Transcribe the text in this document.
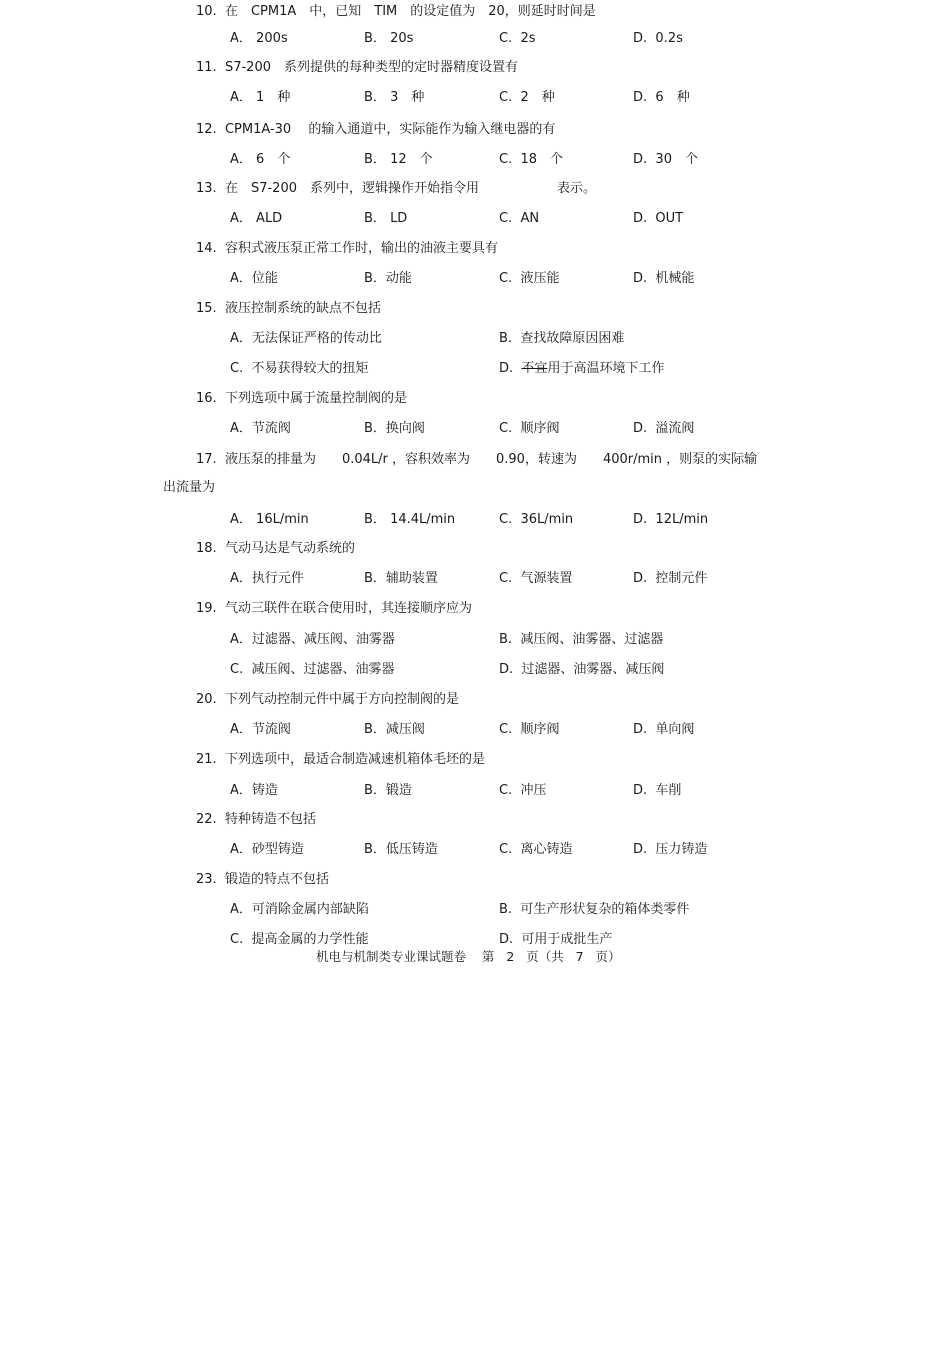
10. 在　CPM1A　中，已知　TIM　的设定值为　20，则延时时间是
A． 200s	B． 20s	C. 2s	D. 0.2s
11. S7-200　系列提供的每种类型的定时器精度设置有
A． 1　种	B． 3　种	C. 2　种	D. 6　种
12. CPM1A-30　 的输入通道中，实际能作为输入继电器的有
A． 6　个	B． 12　个	C. 18　个	D. 30　个
13. 在　S7-200　系列中，逻辑操作开始指令用　　　　　　表示。
A． ALD	B． LD	C. AN	D. OUT
14. 容积式液压泵正常工作时，输出的油液主要具有
A．位能	B．动能	C. 液压能	D. 机械能
15. 液压控制系统的缺点不包括
A．无法保证严格的传动比	B. 查找故障原因困难
C. 不易获得较大的扭矩	D. 不宜用于高温环境下工作
16. 下列选项中属于流量控制阀的是
A．节流阀	B．换向阀	C. 顺序阀	D. 溢流阀
17. 液压泵的排量为　　0.04L/r ，容积效率为　　0.90，转速为　　400r/min ，则泵的实际输
出流量为
A． 16L/min	B． 14.4L/min	C. 36L/min	D. 12L/min
18. 气动马达是气动系统的
A．执行元件	B．辅助装置	C. 气源装置	D. 控制元件
19. 气动三联件在联合使用时，其连接顺序应为
A．过滤器、减压阀、油雾器	B. 减压阀、油雾器、过滤器
C. 减压阀、过滤器、油雾器	D. 过滤器、油雾器、减压阀
20. 下列气动控制元件中属于方向控制阀的是
A．节流阀	B．减压阀	C. 顺序阀	D. 单向阀
21. 下列选项中，最适合制造减速机箱体毛坯的是
A．铸造	B．锻造	C. 冲压	D. 车削
22. 特种铸造不包括
A．砂型铸造	B．低压铸造	C. 离心铸造	D. 压力铸造
23. 锻造的特点不包括
A．可消除金属内部缺陷	B. 可生产形状复杂的箱体类零件
C. 提高金属的力学性能	D. 可用于成批生产
机电与机制类专业课试题卷 第 2 页（共 7 页）
